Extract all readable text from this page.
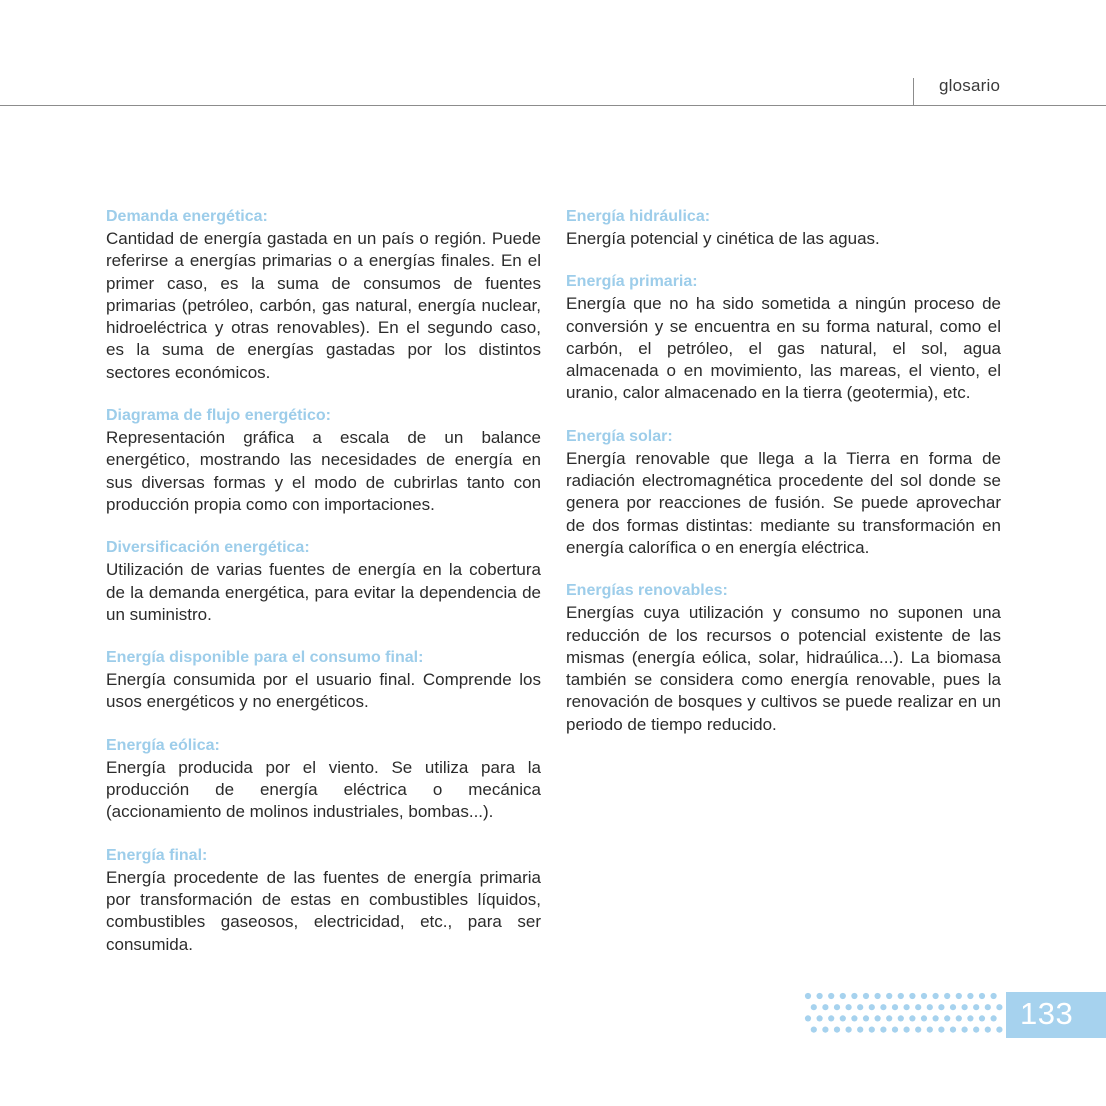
glosario
Demanda energética:
Cantidad de energía gastada en un país o región. Puede referirse a energías primarias o a energías finales. En el primer caso, es la suma de consumos de fuentes primarias (petróleo, carbón, gas natural, energía nuclear, hidroeléctrica y otras renovables). En el segundo caso, es la suma de energías gastadas por los distintos sectores económicos.
Diagrama de flujo energético:
Representación gráfica a escala de un balance energético, mostrando las necesidades de energía en sus diversas formas y el modo de cubrirlas tanto con producción propia como con importaciones.
Diversificación energética:
Utilización de varias fuentes de energía en la cobertura de la demanda energética, para evitar la dependencia de un suministro.
Energía disponible para el consumo final:
Energía consumida por el usuario final. Comprende los usos energéticos y no energéticos.
Energía eólica:
Energía producida por el viento. Se utiliza para la producción de energía eléctrica o mecánica (accionamiento de molinos industriales, bombas...).
Energía final:
Energía procedente de las fuentes de energía primaria por transformación de estas en combustibles líquidos, combustibles gaseosos, electricidad, etc., para ser consumida.
Energía hidráulica:
Energía potencial y cinética de las aguas.
Energía primaria:
Energía que no ha sido sometida a ningún proceso de conversión y se encuentra en su forma natural, como el carbón, el petróleo, el gas natural, el sol, agua almacenada o en movimiento, las mareas, el viento, el uranio, calor almacenado en la tierra (geotermia), etc.
Energía solar:
Energía renovable que llega a la Tierra en forma de radiación electromagnética procedente del sol donde se genera por reacciones de fusión. Se puede aprovechar de dos formas distintas: mediante su transformación en energía calorífica o en energía eléctrica.
Energías renovables:
Energías cuya utilización y consumo no suponen una reducción de los recursos o potencial existente de las mismas (energía eólica, solar, hidraúlica...). La biomasa también se considera como energía renovable, pues la renovación de bosques y cultivos se puede realizar en un periodo de tiempo reducido.
133
